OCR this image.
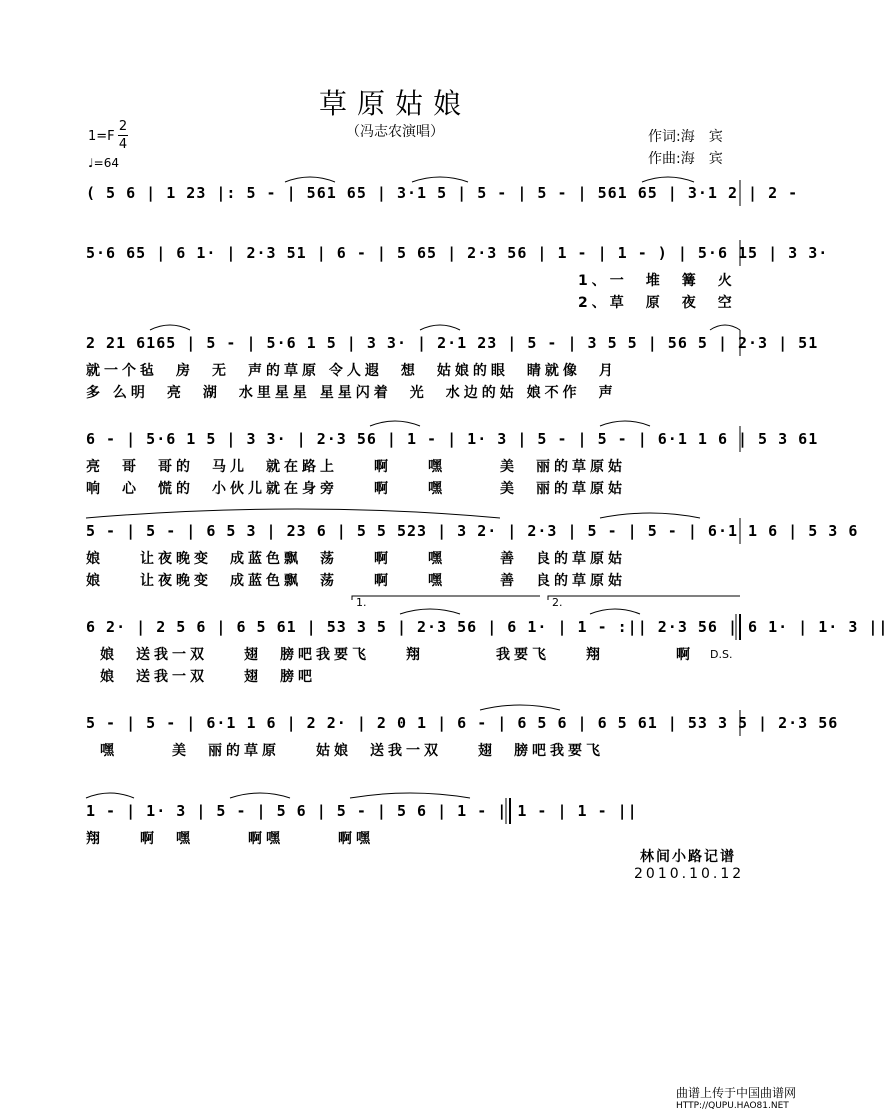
草原姑娘
（冯志农演唱）
1=F
2
4
♩=64
作词:海　宾
作曲:海　宾
( 5 6 | 1 23 |: 5 - | 561 65 | 3·1 5 | 5 - | 5 - | 561 65 | 3·1 2 | 2 -
5·6 65 | 6 1· | 2·3 51 | 6 - | 5 65 | 2·3 56 | 1 - | 1 - ) | 5·6 15 | 3 3·
1、一　堆　篝　火
2、草　原　夜　空
2 21 6165 | 5 - | 5·6 1 5 | 3 3· | 2·1 23 | 5 - | 3 5 5 | 56 5 | 2·3 | 51
就一个毡　房　无　声的草原 令人遐　想　姑娘的眼　睛就像　月
多 么明　亮　湖　水里星星 星星闪着　光　水边的姑 娘不作　声
6 - | 5·6 1 5 | 3 3· | 2·3 56 | 1 - | 1· 3 | 5 - | 5 - | 6·1 1 6 | 5 3 61
亮　哥　哥的　马儿　就在路上　　啊　　嘿　　　美　丽的草原姑
响　心　慌的　小伙儿就在身旁　　啊　　嘿　　　美　丽的草原姑
5 - | 5 - | 6 5 3 | 23 6 | 5 5 523 | 3 2· | 2·3 | 5 - | 5 - | 6·1 1 6 | 5 3 6
娘　　让夜晚变　成蓝色飘　荡　　啊　　嘿　　　善　良的草原姑
娘　　让夜晚变　成蓝色飘　荡　　啊　　嘿　　　善　良的草原姑
1.	2.
6 2· | 2 5 6 | 6 5 61 | 53 3 5 | 2·3 56 | 6 1· | 1 - :|| 2·3 56 | 6 1· | 1· 3 ||
娘　送我一双　　翅　膀吧我要飞　　翔　　　　我要飞　　翔　　　　啊 D.S.
娘　送我一双　　翅　膀吧
5 - | 5 - | 6·1 1 6 | 2 2· | 2 0 1 | 6 - | 6 5 6 | 6 5 61 | 53 3 5 | 2·3 56
嘿　　　美　丽的草原　　姑娘　送我一双　　翅　膀吧我要飞
1 - | 1· 3 | 5 - | 5 6 | 5 - | 5 6 | 1 - | 1 - | 1 - ||
翔　　啊　嘿　　　啊嘿　　　啊嘿
林间小路记谱
2010.10.12
曲谱上传于中国曲谱网
HTTP://QUPU.HAO81.NET
